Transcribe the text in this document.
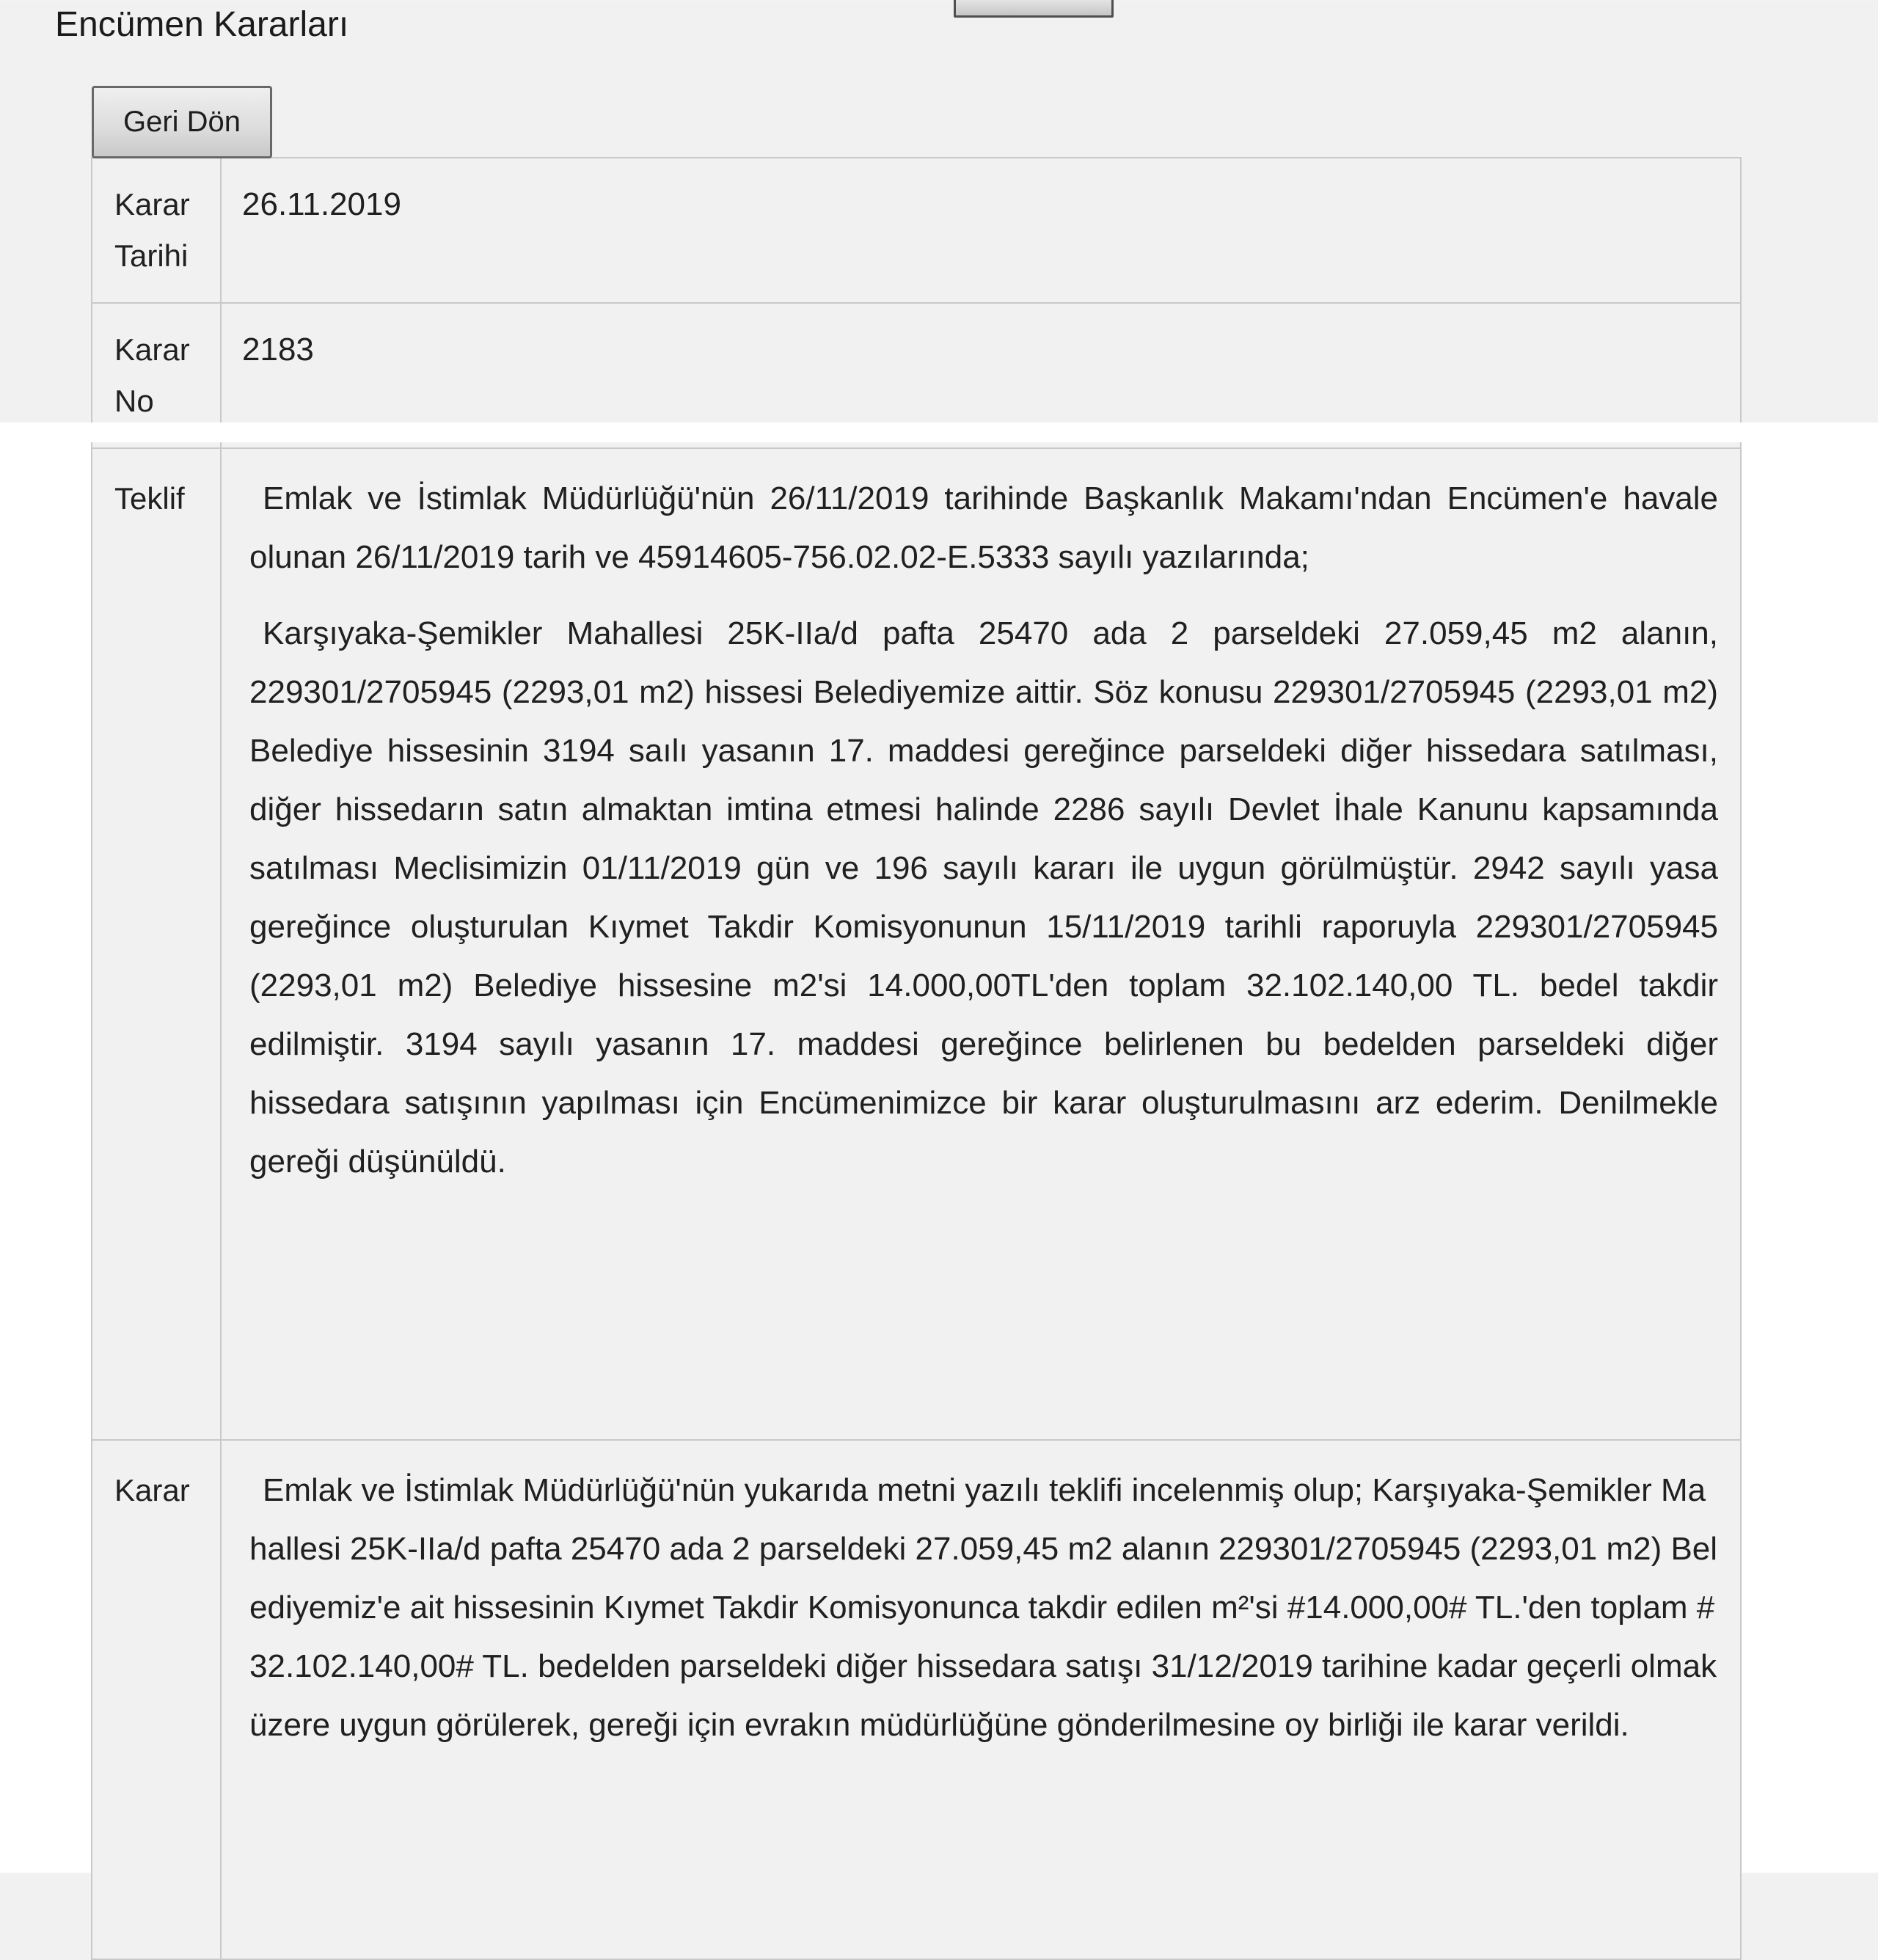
Encümen Kararları
Geri Dön
Karar Tarihi	26.11.2019
Karar No	2183
Teklif	Emlak ve İstimlak Müdürlüğü'nün 26/11/2019 tarihinde Başkanlık Makamı'ndan Encümen'e havale olunan 26/11/2019 tarih ve 45914605-756.02.02-E.5333 sayılı yazılarında;

Karşıyaka-Şemikler Mahallesi 25K-IIa/d pafta 25470 ada 2 parseldeki 27.059,45 m2 alanın, 229301/2705945 (2293,01 m2) hissesi Belediyemize aittir. Söz konusu 229301/2705945 (2293,01 m2) Belediye hissesinin 3194 saılı yasanın 17. maddesi gereğince parseldeki diğer hissedara satılması, diğer hissedarın satın almaktan imtina etmesi halinde 2286 sayılı Devlet İhale Kanunu kapsamında satılması Meclisimizin 01/11/2019 gün ve 196 sayılı kararı ile uygun görülmüştür. 2942 sayılı yasa gereğince oluşturulan Kıymet Takdir Komisyonunun 15/11/2019 tarihli raporuyla 229301/2705945 (2293,01 m2) Belediye hissesine m2'si 14.000,00TL'den toplam 32.102.140,00 TL. bedel takdir edilmiştir. 3194 sayılı yasanın 17. maddesi gereğince belirlenen bu bedelden parseldeki diğer hissedara satışının yapılması için Encümenimizce bir karar oluşturulmasını arz ederim. Denilmekle gereği düşünüldü.

Karar	Emlak ve İstimlak Müdürlüğü'nün yukarıda metni yazılı teklifi incelenmiş olup; Karşıyaka-Şemikler Mahallesi 25K-IIa/d pafta 25470 ada 2 parseldeki 27.059,45 m2 alanın 229301/2705945 (2293,01 m2) Belediyemiz'e ait hissesinin Kıymet Takdir Komisyonunca takdir edilen m²'si #14.000,00# TL.'den toplam #32.102.140,00# TL. bedelden parseldeki diğer hissedara satışı 31/12/2019 tarihine kadar geçerli olmak üzere uygun görülerek, gereği için evrakın müdürlüğüne gönderilmesine oy birliği ile karar verildi.
